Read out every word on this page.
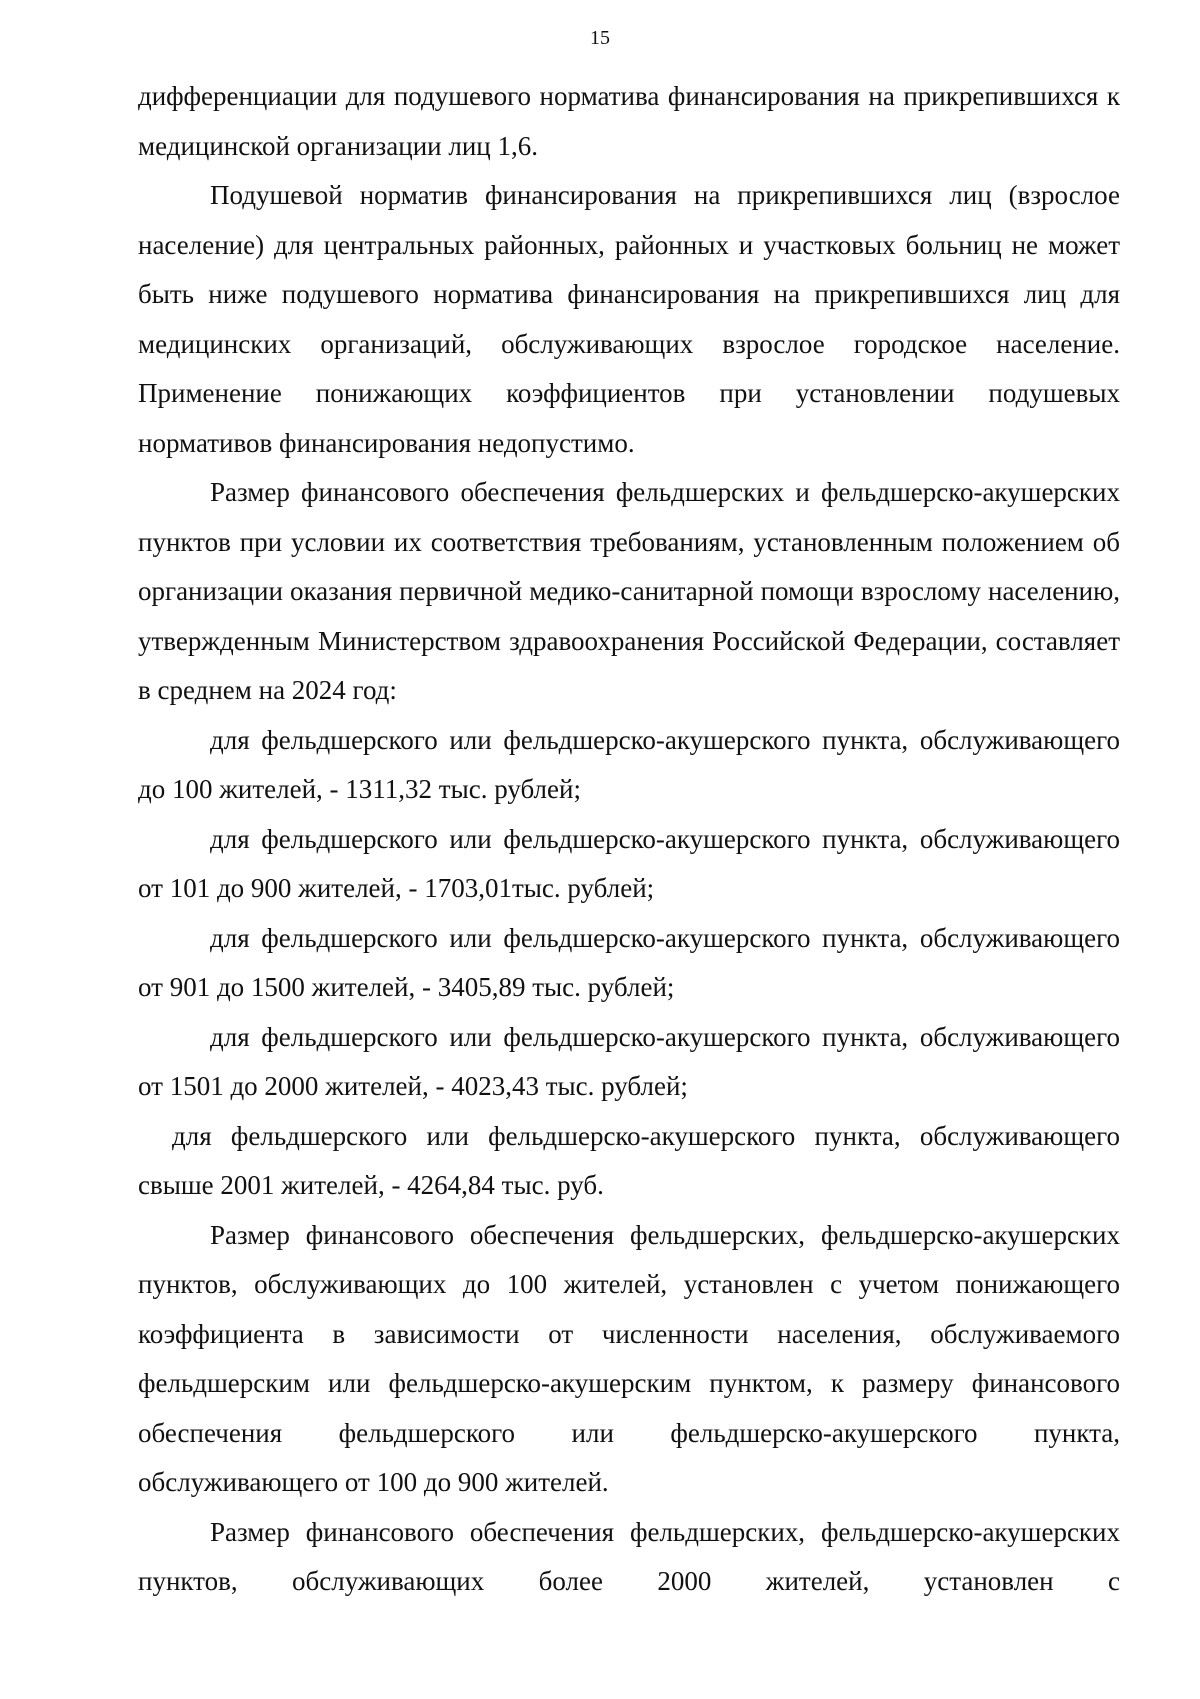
15

дифференциации для подушевого норматива финансирования на прикрепившихся к медицинской организации лиц 1,6.

Подушевой норматив финансирования на прикрепившихся лиц (взрослое население) для центральных районных, районных и участковых больниц не может быть ниже подушевого норматива финансирования на прикрепившихся лиц для медицинских организаций, обслуживающих взрослое городское население. Применение понижающих коэффициентов при установлении подушевых нормативов финансирования недопустимо.

Размер финансового обеспечения фельдшерских и фельдшерско-акушерских пунктов при условии их соответствия требованиям, установленным положением об организации оказания первичной медико-санитарной помощи взрослому населению, утвержденным Министерством здравоохранения Российской Федерации, составляет в среднем на 2024 год:

для фельдшерского или фельдшерско-акушерского пункта, обслуживающего до 100 жителей, - 1311,32 тыс. рублей;

для фельдшерского или фельдшерско-акушерского пункта, обслуживающего от 101 до 900 жителей, - 1703,01тыс. рублей;

для фельдшерского или фельдшерско-акушерского пункта, обслуживающего от 901 до 1500 жителей, - 3405,89 тыс. рублей;

для фельдшерского или фельдшерско-акушерского пункта, обслуживающего от 1501 до 2000 жителей, - 4023,43 тыс. рублей;

для фельдшерского или фельдшерско-акушерского пункта, обслуживающего свыше 2001 жителей, - 4264,84 тыс. руб.

Размер финансового обеспечения фельдшерских, фельдшерско-акушерских пунктов, обслуживающих до 100 жителей, установлен с учетом понижающего коэффициента в зависимости от численности населения, обслуживаемого фельдшерским или фельдшерско-акушерским пунктом, к размеру финансового обеспечения фельдшерского или фельдшерско-акушерского пункта, обслуживающего от 100 до 900 жителей.

Размер финансового обеспечения фельдшерских, фельдшерско-акушерских пунктов, обслуживающих более 2000 жителей, установлен с
